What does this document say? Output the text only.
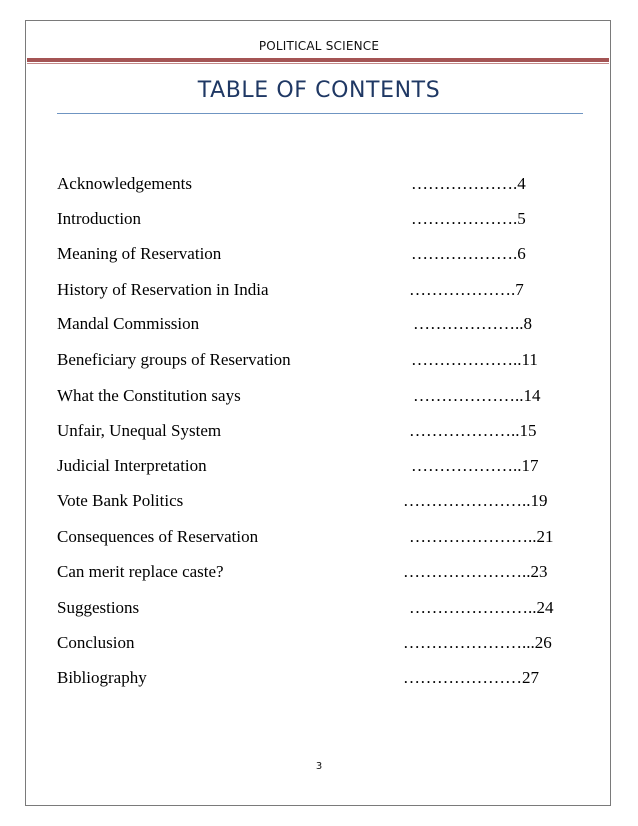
POLITICAL SCIENCE
TABLE OF CONTENTS
Acknowledgements	……………….4
Introduction	……………….5
Meaning of Reservation	……………….6
History of Reservation in India	……………….7
Mandal Commission	………………..8
Beneficiary groups of Reservation	………………..11
What the Constitution says	………………..14
Unfair, Unequal System	………………..15
Judicial Interpretation	………………..17
Vote Bank Politics	…………………..19
Consequences of Reservation	…………………..21
Can merit replace caste?	…………………..23
Suggestions	…………………..24
Conclusion	…………………...26
Bibliography	…………………27
3
